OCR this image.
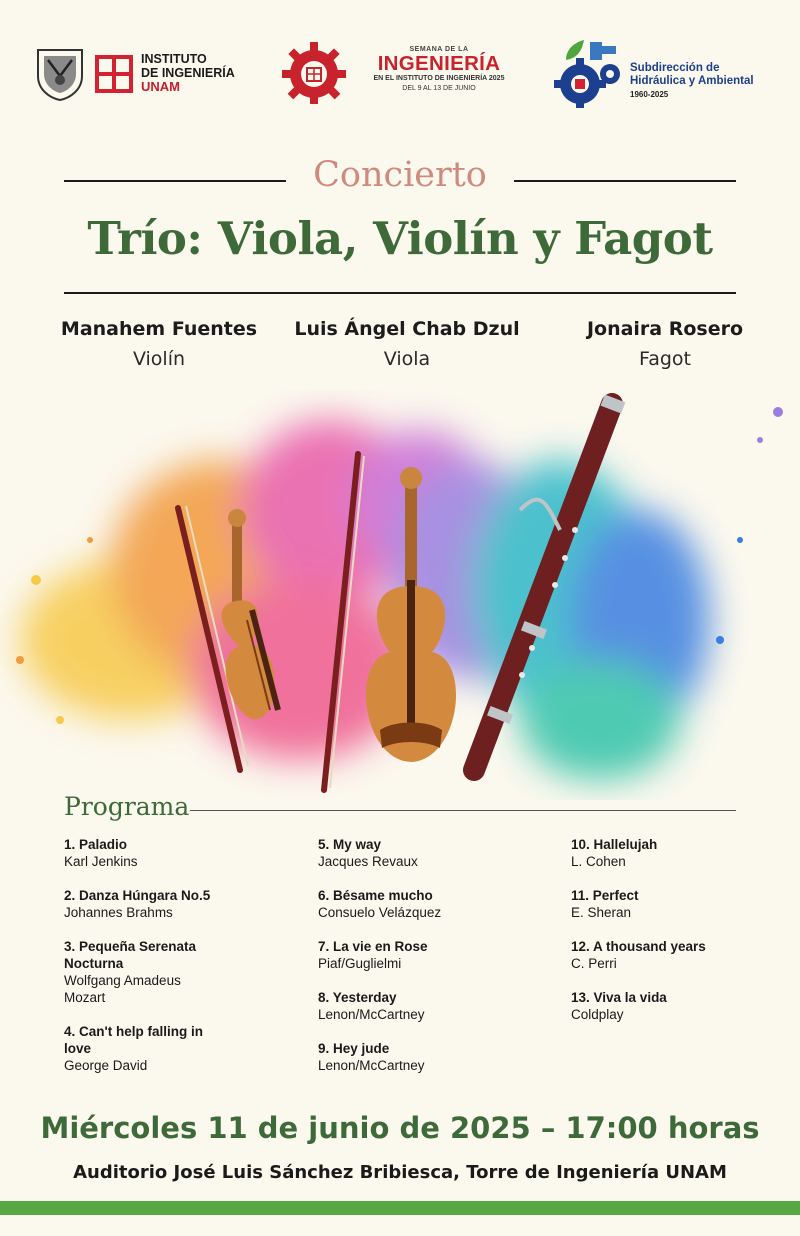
INSTITUTO
DE INGENIERÍA
UNAM
SEMANA DE LA
INGENIERÍA
EN EL INSTITUTO DE INGENIERÍA 2025
DEL 9 AL 13 DE JUNIO
Subdirección de
Hidráulica y Ambiental
1960-2025
Concierto
Trío: Viola, Violín y Fagot
Manahem Fuentes
Violín
Luis Ángel Chab Dzul
Viola
Jonaira Rosero
Fagot
Programa
1. Paladio
Karl Jenkins
2. Danza Húngara No.5
Johannes Brahms
3. Pequeña Serenata Nocturna
Wolfgang Amadeus Mozart
4. Can't help falling in love
George David
5. My way
Jacques Revaux
6. Bésame mucho
Consuelo Velázquez
7. La vie en Rose
Piaf/Guglielmi
8. Yesterday
Lenon/McCartney
9. Hey jude
Lenon/McCartney
10. Hallelujah
L. Cohen
11. Perfect
E. Sheran
12. A thousand years
C. Perri
13. Viva la vida
Coldplay
Miércoles 11 de junio de 2025 – 17:00 horas
Auditorio José Luis Sánchez Bribiesca, Torre de Ingeniería UNAM
